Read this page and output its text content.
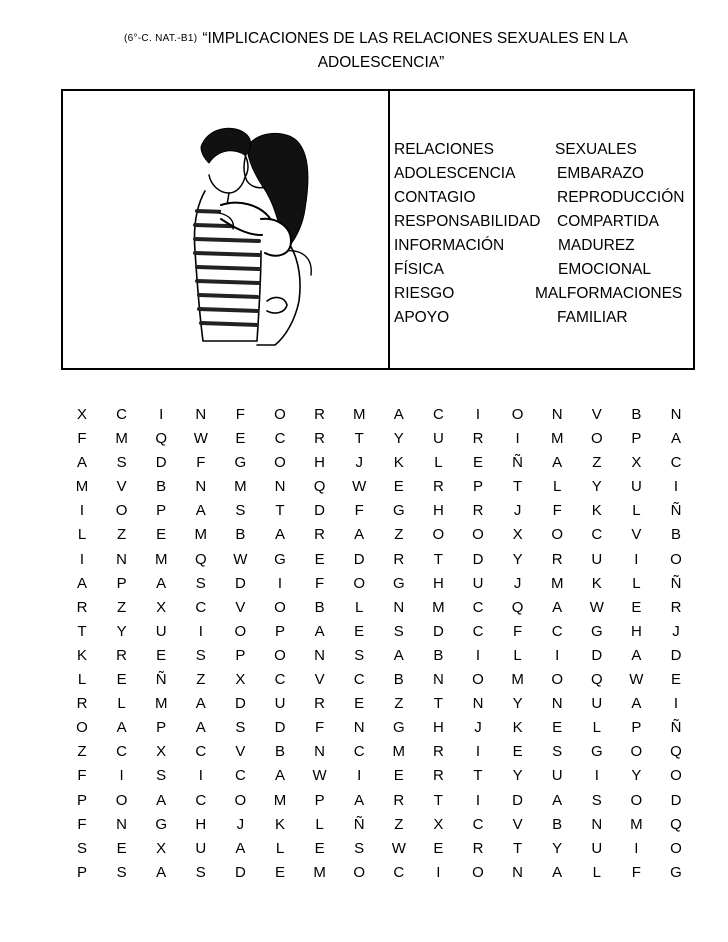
(6°-C. NAT.-B1) “IMPLICACIONES DE LAS RELACIONES SEXUALES EN LA
ADOLESCENCIA”
RELACIONES	SEXUALES
ADOLESCENCIA	EMBARAZO
CONTAGIO	REPRODUCCIÓN
RESPONSABILIDAD COMPARTIDA
INFORMACIÓN	MADUREZ
FÍSICA	EMOCIONAL
RIESGO	MALFORMACIONES
APOYO	FAMILIAR
X	C	I	N	F	O	R	M	A	C	I	O	N	V	B	N
F	M	Q	W	E	C	R	T	Y	U	R	I	M	O	P	A
A	S	D	F	G	O	H	J	K	L	E	Ñ	A	Z	X	C
M	V	B	N	M	N	Q	W	E	R	P	T	L	Y	U	I
I	O	P	A	S	T	D	F	G	H	R	J	F	K	L	Ñ
L	Z	E	M	B	A	R	A	Z	O	O	X	O	C	V	B
I	N	M	Q	W	G	E	D	R	T	D	Y	R	U	I	O
A	P	A	S	D	I	F	O	G	H	U	J	M	K	L	Ñ
R	Z	X	C	V	O	B	L	N	M	C	Q	A	W	E	R
T	Y	U	I	O	P	A	E	S	D	C	F	C	G	H	J
K	R	E	S	P	O	N	S	A	B	I	L	I	D	A	D
L	E	Ñ	Z	X	C	V	C	B	N	O	M	O	Q	W	E
R	L	M	A	D	U	R	E	Z	T	N	Y	N	U	A	I
O	A	P	A	S	D	F	N	G	H	J	K	E	L	P	Ñ
Z	C	X	C	V	B	N	C	M	R	I	E	S	G	O	Q
F	I	S	I	C	A	W	I	E	R	T	Y	U	I	Y	O
P	O	A	C	O	M	P	A	R	T	I	D	A	S	O	D
F	N	G	H	J	K	L	Ñ	Z	X	C	V	B	N	M	Q
S	E	X	U	A	L	E	S	W	E	R	T	Y	U	I	O
P	S	A	S	D	E	M	O	C	I	O	N	A	L	F	G
